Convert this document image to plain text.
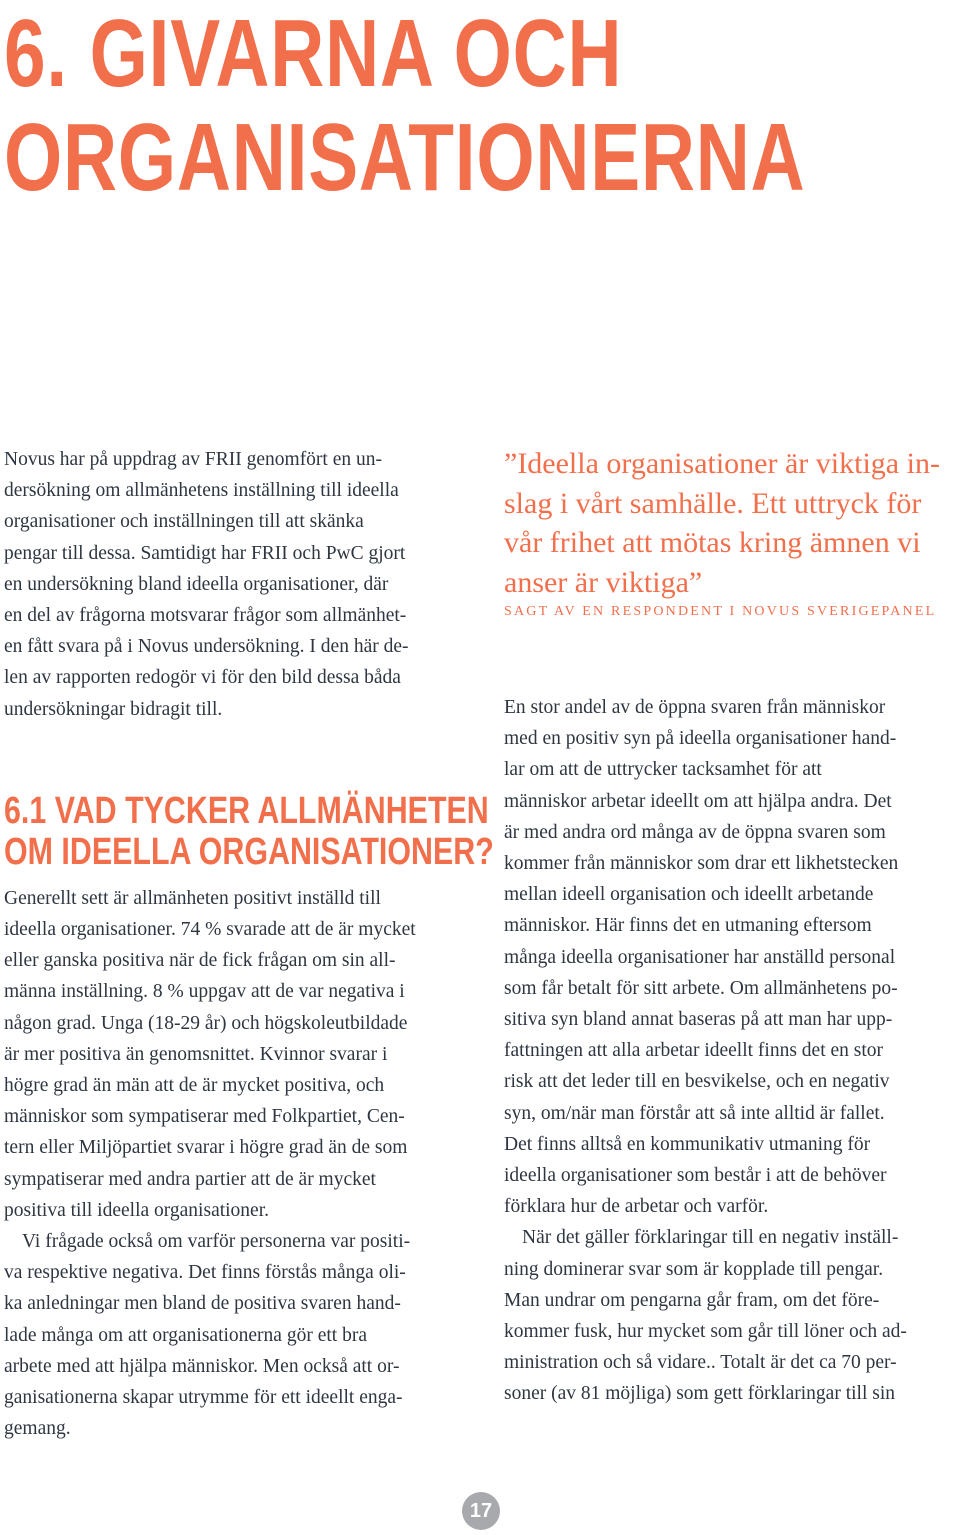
6. GIVARNA OCH
ORGANISATIONERNA

Novus har på uppdrag av FRII genomfört en un-

dersökning om allmänhetens inställning till ideella

organisationer och inställningen till att skänka

pengar till dessa. Samtidigt har FRII och PwC gjort

en undersökning bland ideella organisationer, där

en del av frågorna motsvarar frågor som allmänhet-

en fått svara på i Novus undersökning. I den här de-

len av rapporten redogör vi för den bild dessa båda

undersökningar bidragit till.

6.1 VAD TYCKER ALLMÄNHETEN
OM IDEELLA ORGANISATIONER?

Generellt sett är allmänheten positivt inställd till

ideella organisationer. 74 % svarade att de är mycket

eller ganska positiva när de fick frågan om sin all-

männa inställning. 8 % uppgav att de var negativa i

någon grad. Unga (18-29 år) och högskoleutbildade

är mer positiva än genomsnittet. Kvinnor svarar i

högre grad än män att de är mycket positiva, och

människor som sympatiserar med Folkpartiet, Cen-

tern eller Miljöpartiet svarar i högre grad än de som

sympatiserar med andra partier att de är mycket

positiva till ideella organisationer.

Vi frågade också om varför personerna var positi-

va respektive negativa. Det finns förstås många oli-

ka anledningar men bland de positiva svaren hand-

lade många om att organisationerna gör ett bra

arbete med att hjälpa människor. Men också att or-

ganisationerna skapar utrymme för ett ideellt enga-

gemang.

”Ideella organisationer är viktiga in-
slag i vårt samhälle. Ett uttryck för
vår frihet att mötas kring ämnen vi
anser är viktiga”

SAGT AV EN RESPONDENT I NOVUS SVERIGEPANEL

En stor andel av de öppna svaren från människor

med en positiv syn på ideella organisationer hand-

lar om att de uttrycker tacksamhet för att

människor arbetar ideellt om att hjälpa andra. Det

är med andra ord många av de öppna svaren som

kommer från människor som drar ett likhetstecken

mellan ideell organisation och ideellt arbetande

människor. Här finns det en utmaning eftersom

många ideella organisationer har anställd personal

som får betalt för sitt arbete. Om allmänhetens po-

sitiva syn bland annat baseras på att man har upp-

fattningen att alla arbetar ideellt finns det en stor

risk att det leder till en besvikelse, och en negativ

syn, om/när man förstår att så inte alltid är fallet.

Det finns alltså en kommunikativ utmaning för

ideella organisationer som består i att de behöver

förklara hur de arbetar och varför.

När det gäller förklaringar till en negativ inställ-

ning dominerar svar som är kopplade till pengar.

Man undrar om pengarna går fram, om det före-

kommer fusk, hur mycket som går till löner och ad-

ministration och så vidare.. Totalt är det ca 70 per-

soner (av 81 möjliga) som gett förklaringar till sin

17
